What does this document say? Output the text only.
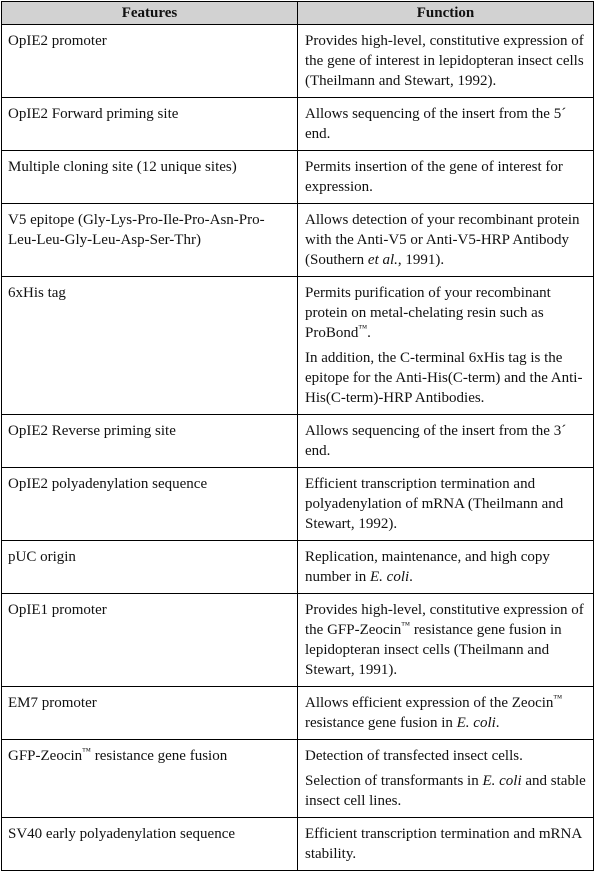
Features	Function
OpIE2 promoter	Provides high-level, constitutive expression of the gene of interest in lepidopteran insect cells (Theilmann and Stewart, 1992).

OpIE2 Forward priming site	Allows sequencing of the insert from the 5´ end.

Multiple cloning site (12 unique sites)	Permits insertion of the gene of interest for expression.

V5 epitope (Gly-Lys-Pro-Ile-Pro-Asn-Pro-Leu-Leu-Gly-Leu-Asp-Ser-Thr)	Allows detection of your recombinant protein with the Anti-V5 or Anti-V5-HRP Antibody (Southern et al., 1991).

6xHis tag	Permits purification of your recombinant protein on metal-chelating resin such as ProBond™.
In addition, the C-terminal 6xHis tag is the epitope for the Anti-His(C-term) and the Anti-His(C-term)-HRP Antibodies.

OpIE2 Reverse priming site	Allows sequencing of the insert from the 3´ end.

OpIE2 polyadenylation sequence	Efficient transcription termination and polyadenylation of mRNA (Theilmann and Stewart, 1992).

pUC origin	Replication, maintenance, and high copy number in E. coli.

OpIE1 promoter	Provides high-level, constitutive expression of the GFP-Zeocin™ resistance gene fusion in lepidopteran insect cells (Theilmann and Stewart, 1991).

EM7 promoter	Allows efficient expression of the Zeocin™ resistance gene fusion in E. coli.

GFP-Zeocin™ resistance gene fusion	Detection of transfected insect cells.
Selection of transformants in E. coli and stable insect cell lines.

SV40 early polyadenylation sequence	Efficient transcription termination and mRNA stability.
